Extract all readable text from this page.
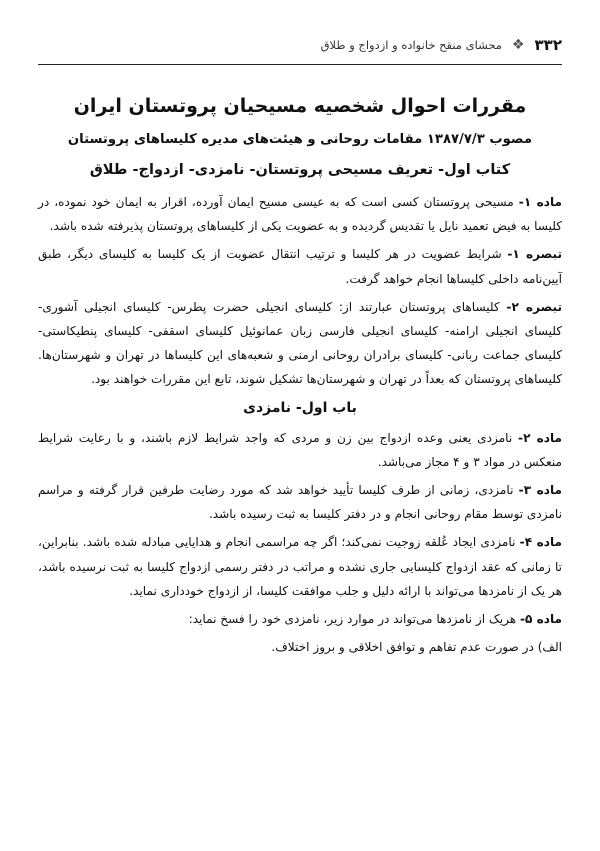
۳۳۲
❖
محشای منقح خانواده و ازدواج و طلاق
مقررات احوال شخصیه مسیحیان پروتستان ایران
مصوب ۱۳۸۷/۷/۳ مقامات روحانی و هیئت‌های مدیره کلیساهای پروتستان
کتاب اول- تعریف مسیحی پروتستان- نامزدی- ازدواج- طلاق

ماده ۱- مسیحی پروتستان کسی است که به عیسی مسیح ایمان آورده، اقرار به ایمان خود نموده، در کلیسا به فیض تعمید نایل یا تقدیس گردیده و به عضویت یکی از کلیساهای پروتستان پذیرفته شده باشد.

تبصره ۱- شرایط عضویت در هر کلیسا و ترتیب انتقال عضویت از یک کلیسا به کلیسای دیگر، طبق آیین‌نامه داخلی کلیساها انجام خواهد گرفت.

تبصره ۲- کلیساهای پروتستان عبارتند از: کلیسای انجیلی حضرت پطرس- کلیسای انجیلی آشوری- کلیسای انجیلی ارامنه- کلیسای انجیلی فارسی زبان عمانوئیل کلیسای اسقفی- کلیسای پنطیکاستی- کلیسای جماعت ربانی- کلیسای برادران روحانی ارمنی و شعبه‌های این کلیساها در تهران و شهرستان‌ها. کلیساهای پروتستان که بعداً در تهران و شهرستان‌ها تشکیل شوند، تابع این مقررات خواهند بود.

باب اول- نامزدی

ماده ۲- نامزدی یعنی وعده ازدواج بین زن و مردی که واجد شرایط لازم باشند، و با رعایت شرایط منعکس در مواد ۳ و ۴ مجاز می‌باشد.

ماده ۳- نامزدی، زمانی از طرف کلیسا تأیید خواهد شد که مورد رضایت طرفین قرار گرفته و مراسم نامزدی توسط مقام روحانی انجام و در دفتر کلیسا به ثبت رسیده باشد.

ماده ۴- نامزدی ایجاد عُلقه زوجیت نمی‌کند؛ اگر چه مراسمی انجام و هدایایی مبادله شده باشد. بنابراین، تا زمانی که عقد ازدواج کلیسایی جاری نشده و مراتب در دفتر رسمی ازدواج کلیسا به ثبت نرسیده باشد، هر یک از نامزدها می‌تواند با ارائه دلیل و جلب موافقت کلیسا، از ازدواج خودداری نماید.

ماده ۵- هریک از نامزدها می‌تواند در موارد زیر، نامزدی خود را فسخ نماید:

الف) در صورت عدم تفاهم و توافق اخلاقی و بروز اختلاف.
